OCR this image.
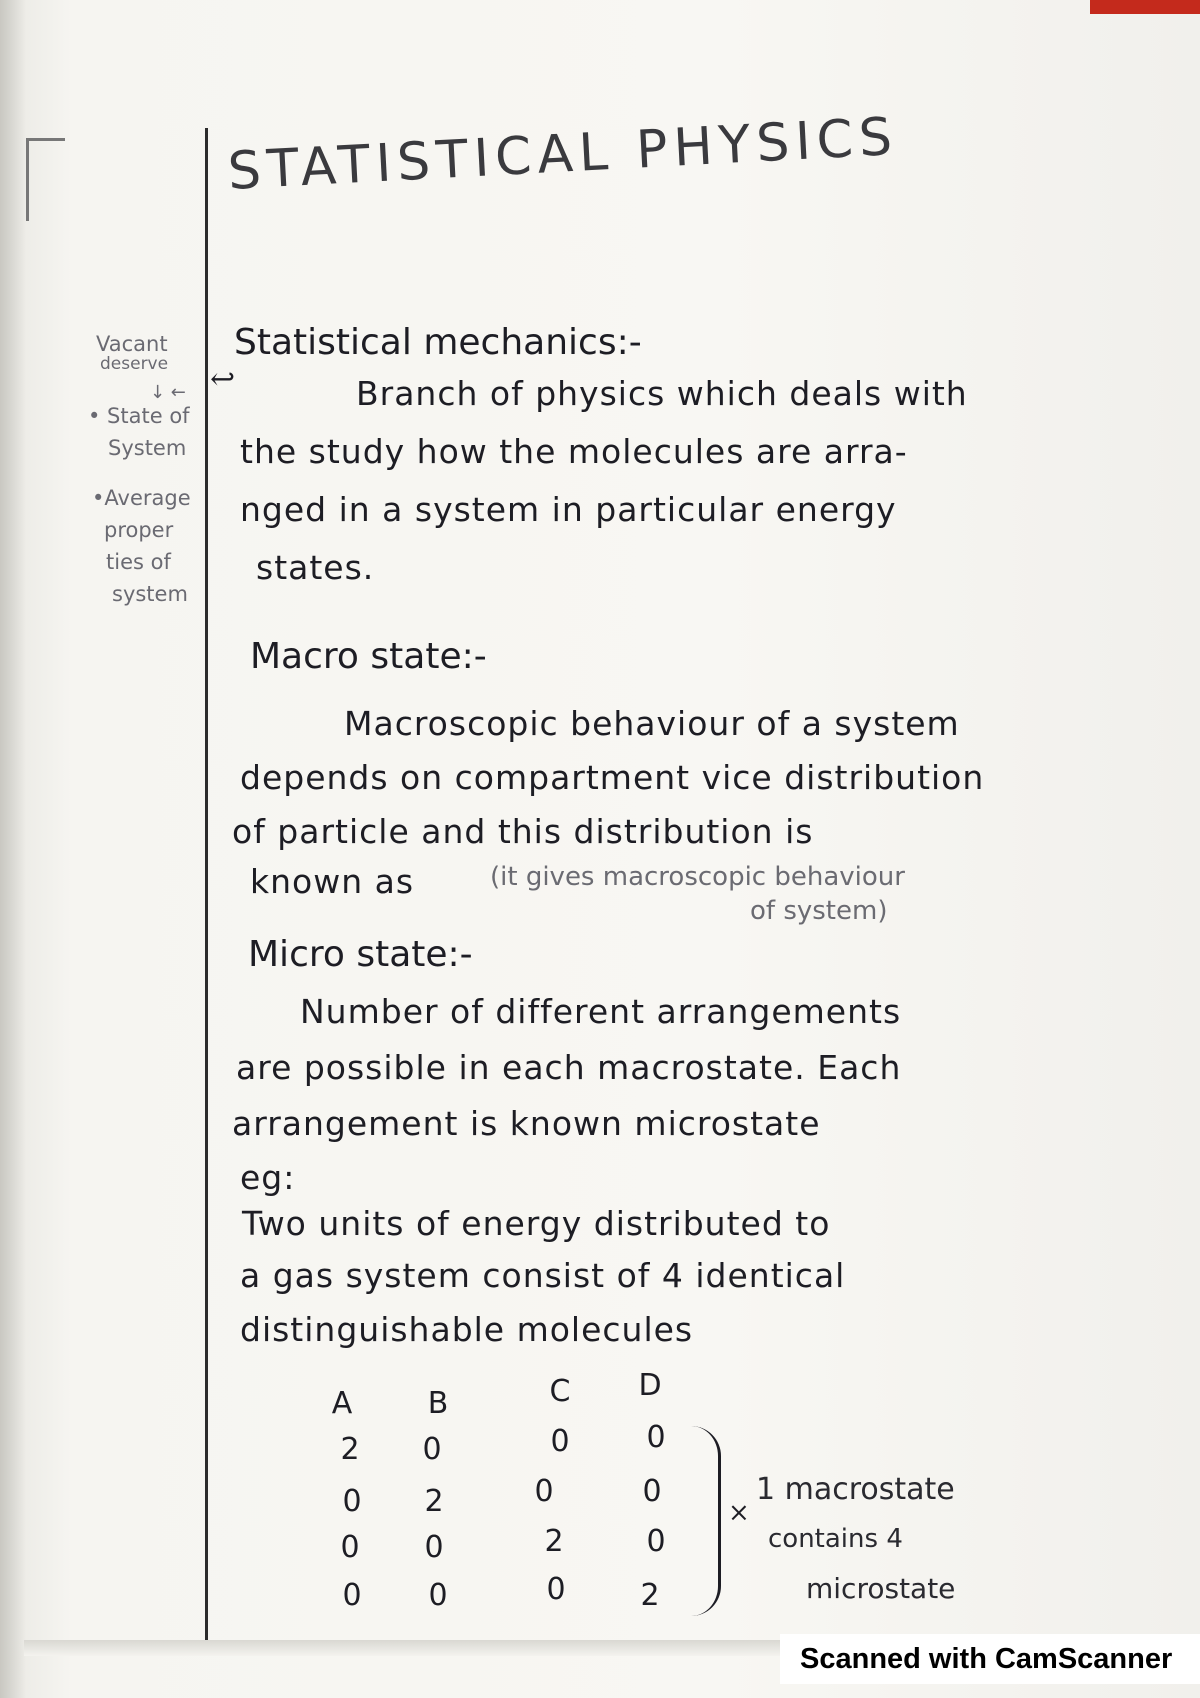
STATISTICAL PHYSICS
Vacant
deserve
↓ ←
• State of
System
•Average
proper
ties of
system
↩
Statistical mechanics:-
Branch of physics which deals with
the study how the molecules are arra-
nged in a system in particular energy
states.
Macro state:-
Macroscopic behaviour of a system
depends on compartment vice distribution
of particle and this distribution is
known as	(it gives macroscopic behaviour
of system)
Micro state:-
Number of different arrangements
are possible in each macrostate. Each
arrangement is known microstate
eg:
Two units of energy distributed to
a gas system consist of 4 identical
distinguishable molecules
A	B	C	D
2	0	0	0
0	2	0	0
0	0	2	0
0	0	0	2
×
1 macrostate
contains 4
microstate
Scanned with CamScanner
